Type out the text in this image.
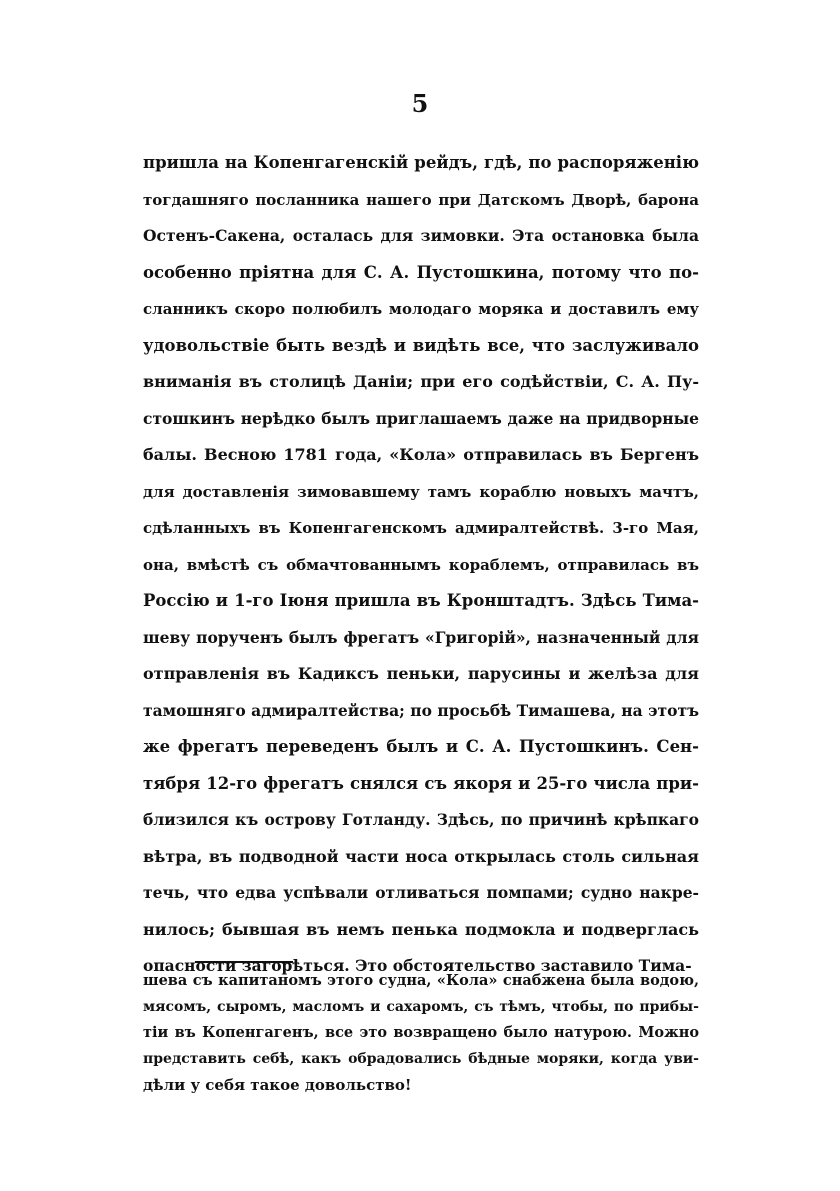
5
пришла на Копенгагенскій рейдъ, гдѣ, по распоряженію
тогдашняго посланника нашего при Датскомъ Дворѣ, барона
Остенъ-Сакена, осталась для зимовки. Эта остановка была
особенно пріятна для С. А. Пустошкина, потому что по-
сланникъ скоро полюбилъ молодаго моряка и доставилъ ему
удовольствіе быть вездѣ и видѣть все, что заслуживало
вниманія въ столицѣ Даніи; при его содѣйствіи, С. А. Пу-
стошкинъ нерѣдко былъ приглашаемъ даже на придворные
балы. Весною 1781 года, «Кола» отправилась въ Бергенъ
для доставленія зимовавшему тамъ кораблю новыхъ мачтъ,
сдѣланныхъ въ Копенгагенскомъ адмиралтействѣ. 3-го Мая,
она, вмѣстѣ съ обмачтованнымъ кораблемъ, отправилась въ
Россію и 1-го Іюня пришла въ Кронштадтъ. Здѣсь Тима-
шеву порученъ былъ фрегатъ «Григорій», назначенный для
отправленія въ Кадиксъ пеньки, парусины и желѣза для
тамошняго адмиралтейства; по просьбѣ Тимашева, на этотъ
же фрегатъ переведенъ былъ и С. А. Пустошкинъ. Сен-
тября 12-го фрегатъ снялся съ якоря и 25-го числа при-
близился къ острову Готланду. Здѣсь, по причинѣ крѣпкаго
вѣтра, въ подводной части носа открылась столь сильная
течь, что едва успѣвали отливаться помпами; судно накре-
нилось; бывшая въ немъ пенька подмокла и подверглась
опасности загорѣться. Это обстоятельство заставило Тима-
шева съ капитаномъ этого судна, «Кола» снабжена была водою,
мясомъ, сыромъ, масломъ и сахаромъ, съ тѣмъ, чтобы, по прибы-
тіи въ Копенгагенъ, все это возвращено было натурою. Можно
представить себѣ, какъ обрадовались бѣдные моряки, когда уви-
дѣли у себя такое довольство!
